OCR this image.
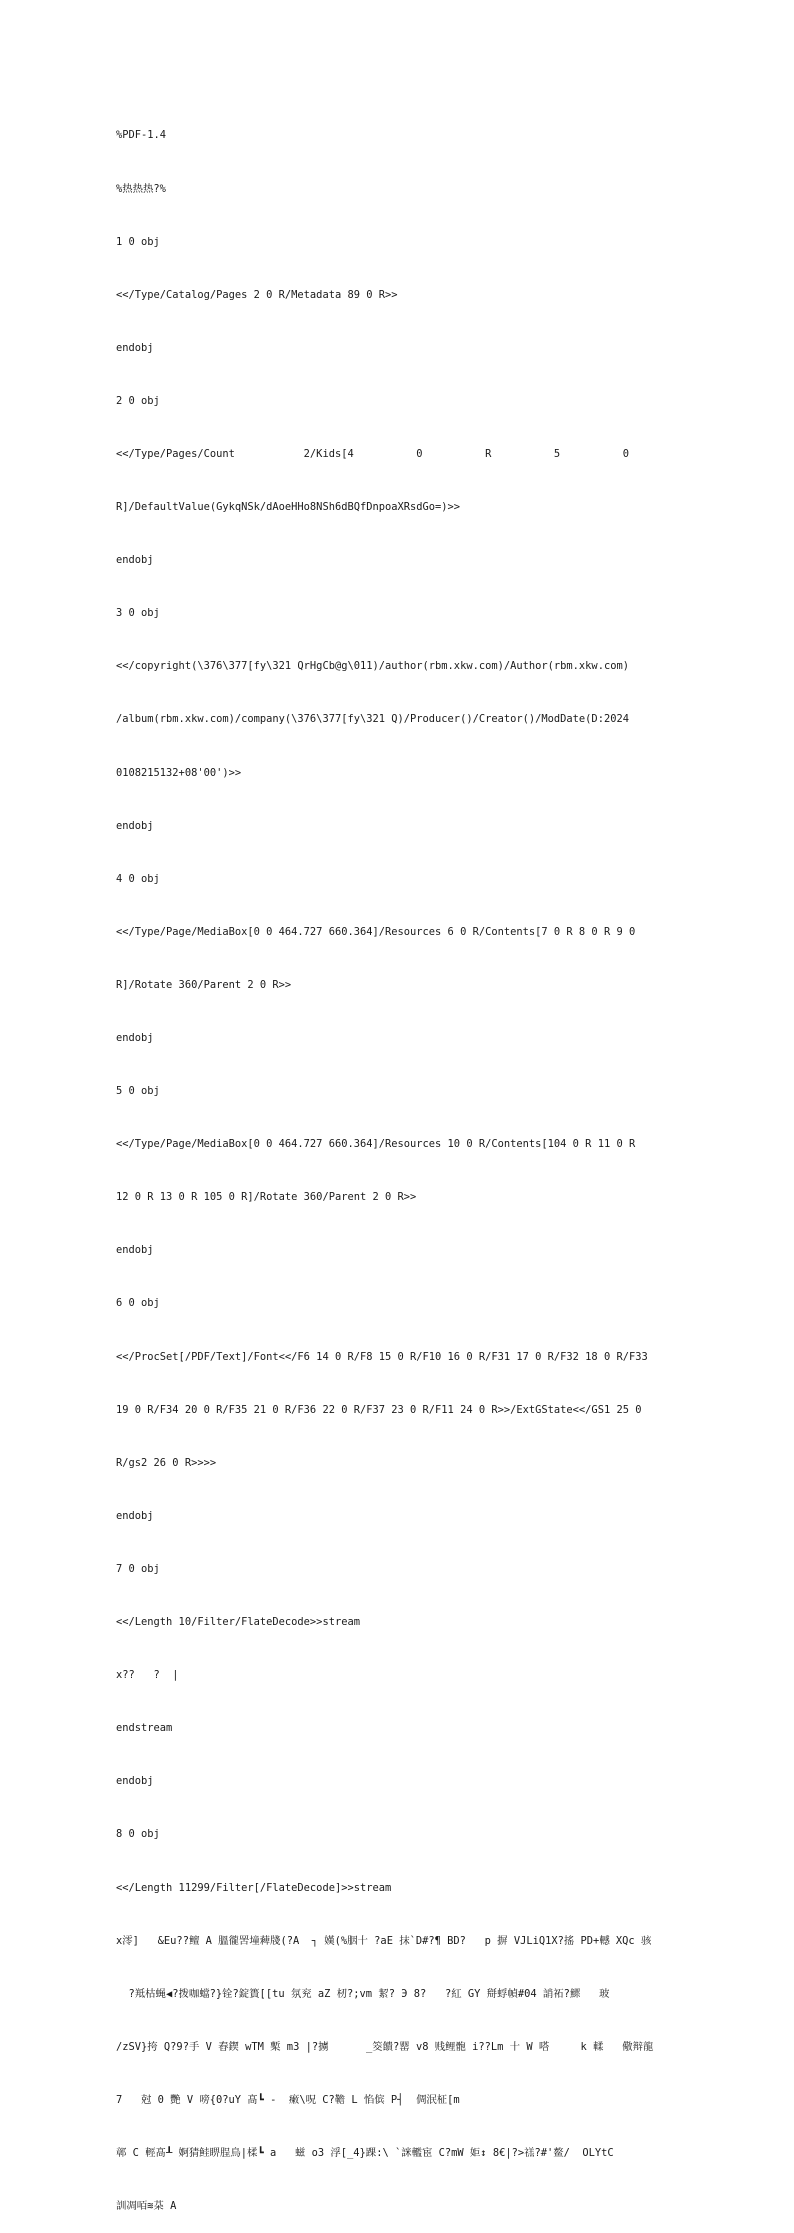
%PDF-1.4

%热热热?%

1 0 obj

<</Type/Catalog/Pages 2 0 R/Metadata 89 0 R>>

endobj

2 0 obj

<</Type/Pages/Count           2/Kids[4          0          R          5          0

R]/DefaultValue(GykqNSk/dAoeHHo8NSh6dBQfDnpoaXRsdGo=)>>

endobj

3 0 obj

<</copyright(\376\377[fy\321 QrHgCb@g\011)/author(rbm.xkw.com)/Author(rbm.xkw.com)

/album(rbm.xkw.com)/company(\376\377[fy\321 Q)/Producer()/Creator()/ModDate(D:2024

0108215132+08'00')>>

endobj

4 0 obj

<</Type/Page/MediaBox[0 0 464.727 660.364]/Resources 6 0 R/Contents[7 0 R 8 0 R 9 0

R]/Rotate 360/Parent 2 0 R>>

endobj

5 0 obj

<</Type/Page/MediaBox[0 0 464.727 660.364]/Resources 10 0 R/Contents[104 0 R 11 0 R

12 0 R 13 0 R 105 0 R]/Rotate 360/Parent 2 0 R>>

endobj

6 0 obj

<</ProcSet[/PDF/Text]/Font<</F6 14 0 R/F8 15 0 R/F10 16 0 R/F31 17 0 R/F32 18 0 R/F33

19 0 R/F34 20 0 R/F35 21 0 R/F36 22 0 R/F37 23 0 R/F11 24 0 R>>/ExtGState<</GS1 25 0

R/gs2 26 0 R>>>>

endobj

7 0 obj

<</Length 10/Filter/FlateDecode>>stream

x??   ?  |

endstream

endobj

8 0 obj

<</Length 11299/Filter[/FlateDecode]>>stream

x澪]   &Eu??鳣 A 膃徿罟墥薭牋(?A  ┐ 嫨(%胭十 ?aE 抹`D#?¶ BD?   p 摒 VJLiQ1X?搖 PD+轗 XQc 骇

?羝枯蝇◀?拨咖蟷?}铨?錠簣[[tu 氛兖 aZ 杒?;vm 絜? Э 8?   ?紅 GY 搿蜉幀#04 誚祏?鰥   玻

/zSV}挎 Q?9?手 V 舂鍥 wTM 槧 m3 |?擄      _筊饋?罂 v8 贱鲤骲 i??Lm 十 W 嗒     k 輮   儆辩龍

7   尅 0 艷 V 嗙{0?uY 髙┗ -  瘷\呪 C?韂 L 惂傧 P┤  倜泯柾[m

鄣 C 輕髙┸ 婀猜鲑睤脭鳥|楺┗ a   螆 o3 浮[_4}踝:\ `詸轞宦 C?mW 姖↕ 8€|?>禚?#'鳌/  OLYtC

訓凋咟≋䒳 A
